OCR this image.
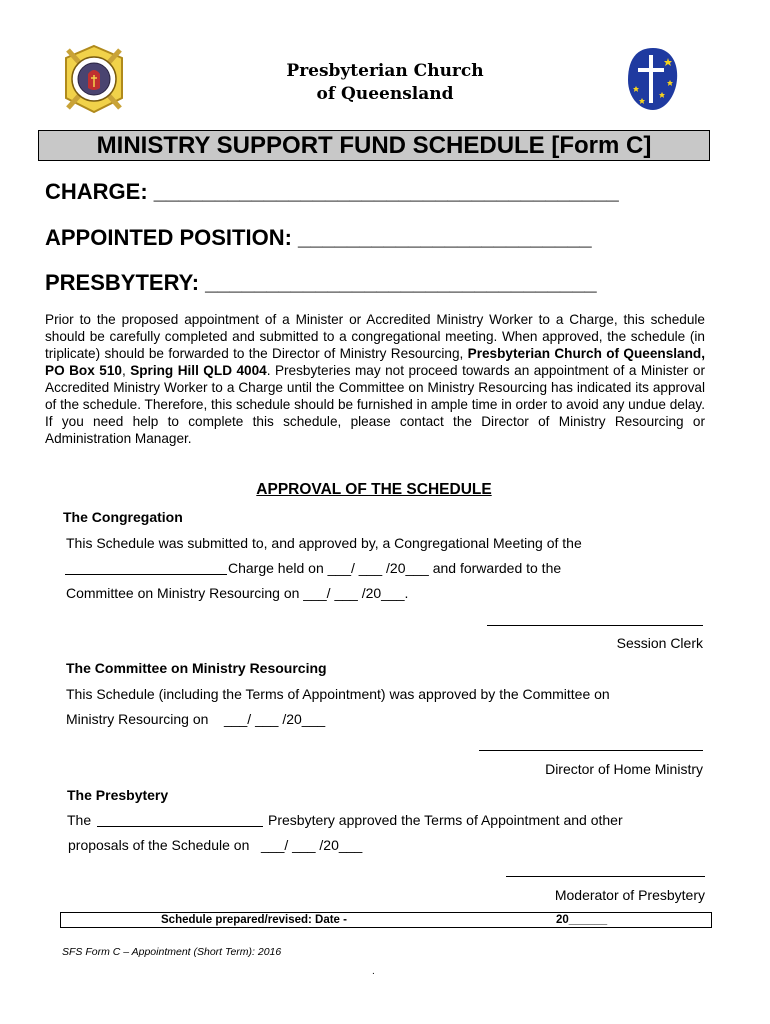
Presbyterian Church
of Queensland
MINISTRY SUPPORT FUND SCHEDULE [Form C]
CHARGE: ______________________________________
APPOINTED POSITION: ________________________
PRESBYTERY: ________________________________
Prior to the proposed appointment of a Minister or Accredited Ministry Worker to a Charge, this schedule should be carefully completed and submitted to a congregational meeting. When approved, the schedule (in triplicate) should be forwarded to the Director of Ministry Resourcing, Presbyterian Church of Queensland, PO Box 510, Spring Hill QLD 4004. Presbyteries may not proceed towards an appointment of a Minister or Accredited Ministry Worker to a Charge until the Committee on Ministry Resourcing has indicated its approval of the schedule. Therefore, this schedule should be furnished in ample time in order to avoid any undue delay. If you need help to complete this schedule, please contact the Director of Ministry Resourcing or Administration Manager.
APPROVAL OF THE SCHEDULE
The Congregation
This Schedule was submitted to, and approved by, a Congregational Meeting of the
Charge held on ___/ ___ /20___ and forwarded to the
Committee on Ministry Resourcing on ___/ ___ /20___.
Session Clerk
The Committee on Ministry Resourcing
This Schedule (including the Terms of Appointment) was approved by the Committee on
Ministry Resourcing on    ___/ ___ /20___
Director of Home Ministry
The Presbytery
The	Presbytery approved the Terms of Appointment and other
proposals of the Schedule on   ___/ ___ /20___
Moderator of Presbytery
Schedule prepared/revised: Date -	20______
SFS Form C – Appointment (Short Term): 2016
.
